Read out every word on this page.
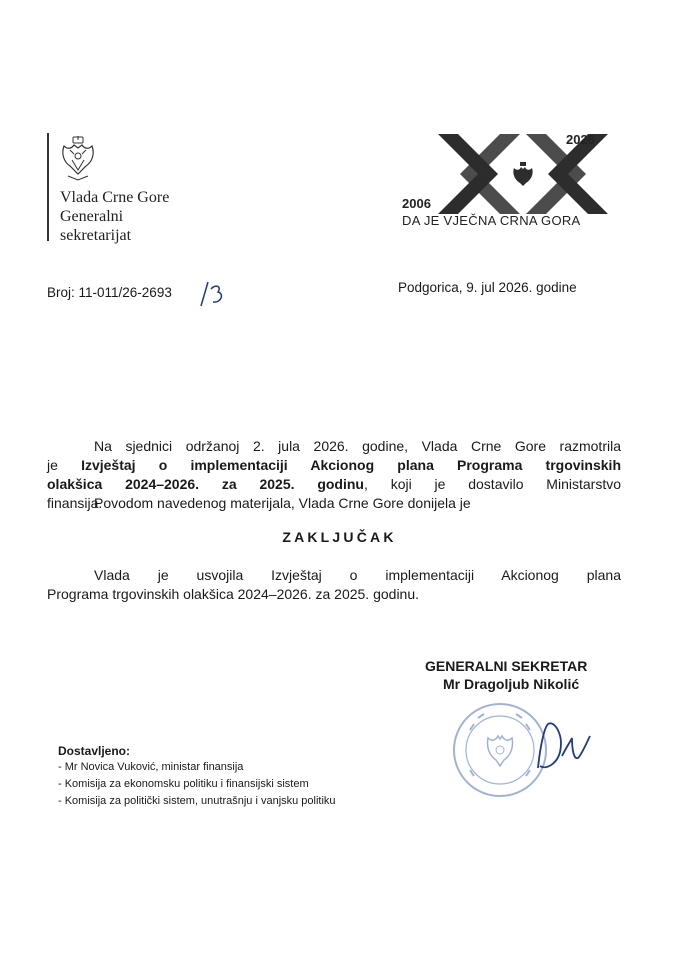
Vlada Crne Gore
Generalni
sekretarijat
2026
2006
DA JE VJEČNA CRNA GORA
Broj: 11-011/26-2693	Podgorica, 9. jul 2026. godine
Na sjednici održanoj 2. jula 2026. godine, Vlada Crne Gore razmotrila
je Izvještaj o implementaciji Akcionog plana Programa trgovinskih
olakšica 2024–2026. za 2025. godinu, koji je dostavilo Ministarstvo
finansija.
Povodom navedenog materijala, Vlada Crne Gore donijela je
ZAKLJUČAK
Vlada je usvojila Izvještaj o implementaciji Akcionog plana
Programa trgovinskih olakšica 2024–2026. za 2025. godinu.
GENERALNI SEKRETAR
Mr Dragoljub Nikolić
Dostavljeno:
- Mr Novica Vuković, ministar finansija
- Komisija za ekonomsku politiku i finansijski sistem
- Komisija za politički sistem, unutrašnju i vanjsku politiku
